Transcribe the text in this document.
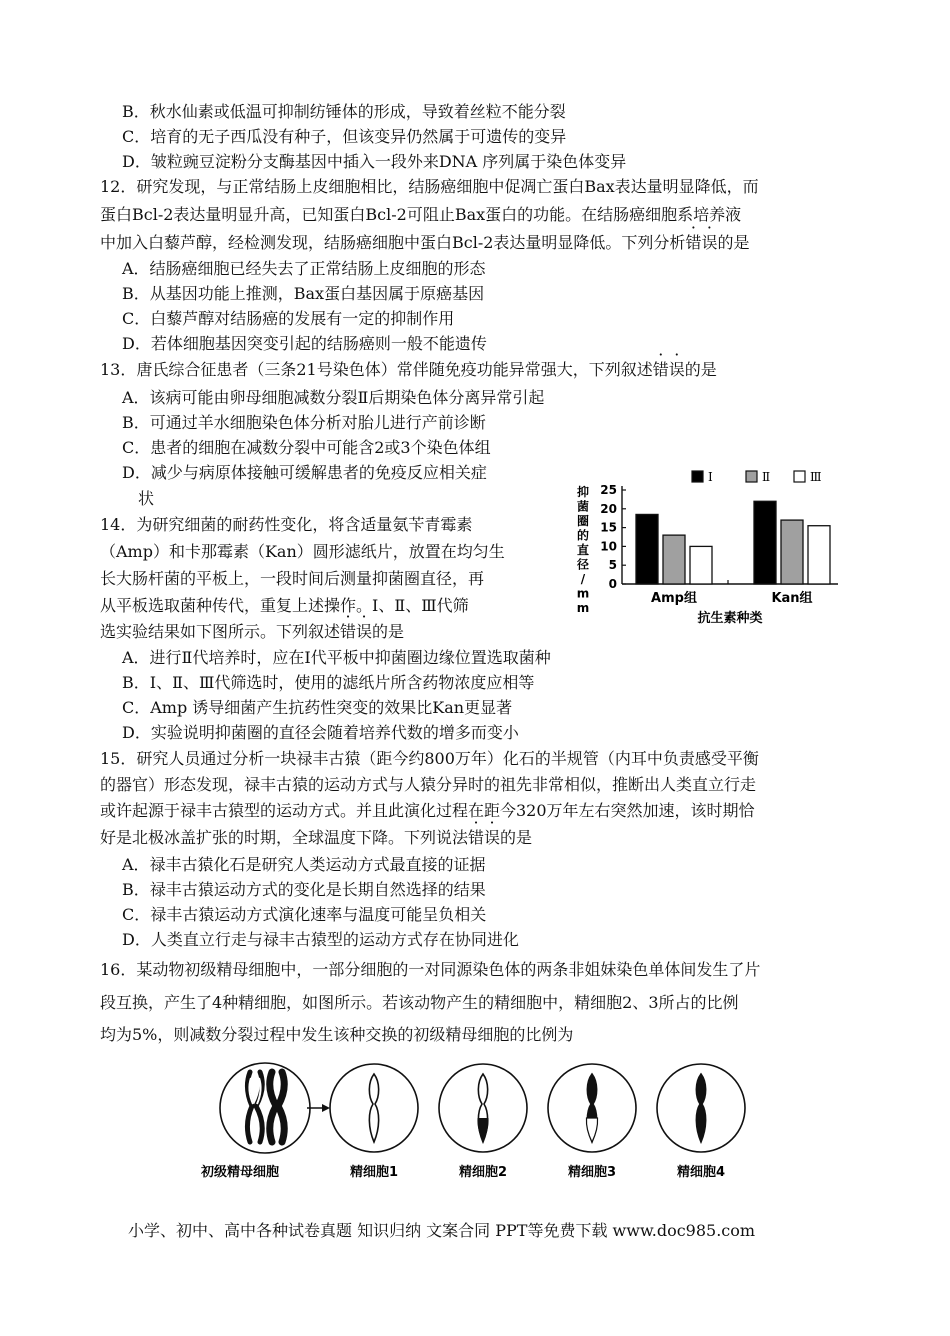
B．秋水仙素或低温可抑制纺锤体的形成，导致着丝粒不能分裂
C．培育的无子西瓜没有种子，但该变异仍然属于可遗传的变异
D．皱粒豌豆淀粉分支酶基因中插入一段外来DNA 序列属于染色体变异
12．研究发现，与正常结肠上皮细胞相比，结肠癌细胞中促凋亡蛋白Bax表达量明显降低，而
蛋白Bcl-2表达量明显升高，已知蛋白Bcl-2可阻止Bax蛋白的功能。在结肠癌细胞系培养液
中加入白藜芦醇，经检测发现，结肠癌细胞中蛋白Bcl-2表达量明显降低。下列分析错误的是
A．结肠癌细胞已经失去了正常结肠上皮细胞的形态
B．从基因功能上推测，Bax蛋白基因属于原癌基因
C．白藜芦醇对结肠癌的发展有一定的抑制作用
D．若体细胞基因突变引起的结肠癌则一般不能遗传
13．唐氏综合征患者（三条21号染色体）常伴随免疫功能异常强大，下列叙述错误的是
A．该病可能由卵母细胞减数分裂Ⅱ后期染色体分离异常引起
B．可通过羊水细胞染色体分析对胎儿进行产前诊断
C．患者的细胞在减数分裂中可能含2或3个染色体组
D．减少与病原体接触可缓解患者的免疫反应相关症
状
14．为研究细菌的耐药性变化，将含适量氨苄青霉素
（Amp）和卡那霉素（Kan）圆形滤纸片，放置在均匀生
长大肠杆菌的平板上，一段时间后测量抑菌圈直径，再
从平板选取菌种传代，重复上述操作。Ⅰ、Ⅱ、Ⅲ代筛
选实验结果如下图所示。下列叙述错误的是
A．进行Ⅱ代培养时，应在Ⅰ代平板中抑菌圈边缘位置选取菌种
B．Ⅰ、Ⅱ、Ⅲ代筛选时，使用的滤纸片所含药物浓度应相等
C．Amp 诱导细菌产生抗药性突变的效果比Kan更显著
D．实验说明抑菌圈的直径会随着培养代数的增多而变小
15．研究人员通过分析一块禄丰古猿（距今约800万年）化石的半规管（内耳中负责感受平衡
的器官）形态发现，禄丰古猿的运动方式与人猿分异时的祖先非常相似，推断出人类直立行走
或许起源于禄丰古猿型的运动方式。并且此演化过程在距今320万年左右突然加速，该时期恰
好是北极冰盖扩张的时期，全球温度下降。下列说法错误的是
A．禄丰古猿化石是研究人类运动方式最直接的证据
B．禄丰古猿运动方式的变化是长期自然选择的结果
C．禄丰古猿运动方式演化速率与温度可能呈负相关
D．人类直立行走与禄丰古猿型的运动方式存在协同进化
16．某动物初级精母细胞中，一部分细胞的一对同源染色体的两条非姐妹染色单体间发生了片
段互换，产生了4种精细胞，如图所示。若该动物产生的精细胞中，精细胞2、3所占的比例
均为5%，则减数分裂过程中发生该种交换的初级精母细胞的比例为
Ⅰ	Ⅱ	Ⅲ
抑
菌
圈
的
直
径
/
m
m
0
5
10
15
20
25
Amp组	Kan组
抗生素种类
初级精母细胞	精细胞1	精细胞2	精细胞3	精细胞4
小学、初中、高中各种试卷真题 知识归纳 文案合同 PPT等免费下载 www.doc985.com
